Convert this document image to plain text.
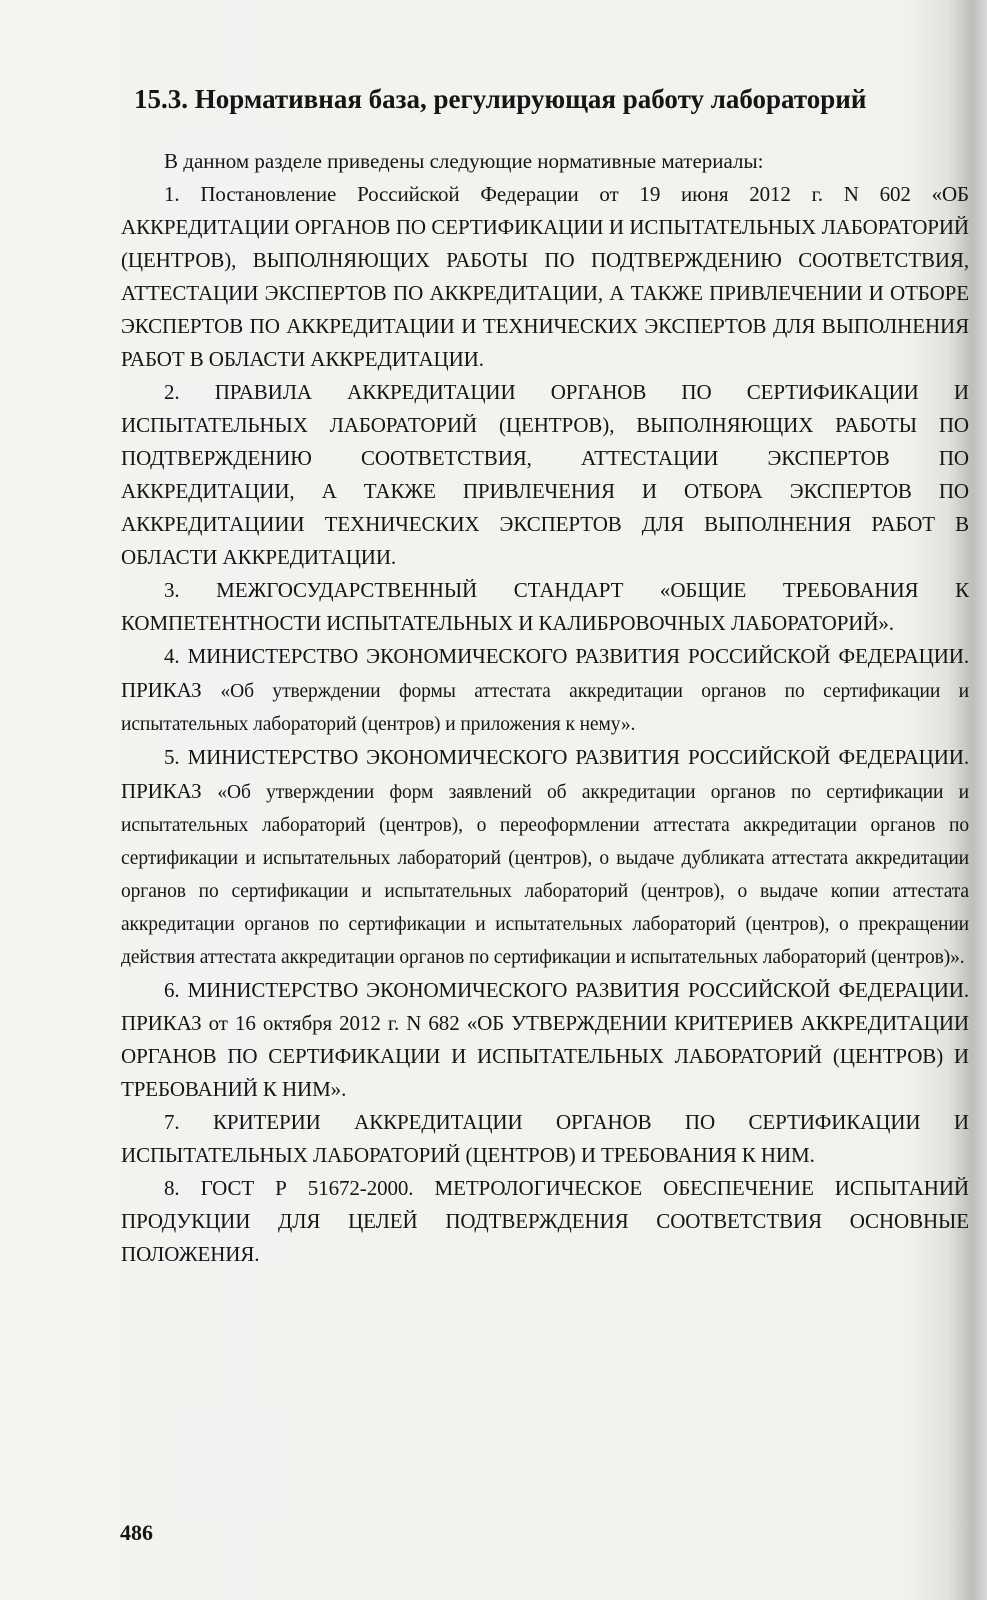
15.3. Нормативная база, регулирующая работу лабораторий

В данном разделе приведены следующие нормативные материалы:

1. Постановление Российской Федерации от 19 июня 2012 г. N 602 «ОБ АККРЕДИТАЦИИ ОРГАНОВ ПО СЕРТИФИКАЦИИ И ИСПЫТАТЕЛЬНЫХ ЛАБОРАТОРИЙ (ЦЕНТРОВ), ВЫПОЛНЯЮЩИХ РАБОТЫ ПО ПОДТВЕРЖДЕНИЮ СООТВЕТСТВИЯ, АТТЕСТАЦИИ ЭКСПЕРТОВ ПО АККРЕДИТАЦИИ, А ТАКЖЕ ПРИВЛЕЧЕНИИ И ОТБОРЕ ЭКСПЕРТОВ ПО АККРЕДИТАЦИИ И ТЕХНИЧЕСКИХ ЭКСПЕРТОВ ДЛЯ ВЫПОЛНЕНИЯ РАБОТ В ОБЛАСТИ АККРЕДИТАЦИИ.

2. ПРАВИЛА АККРЕДИТАЦИИ ОРГАНОВ ПО СЕРТИФИКАЦИИ И ИСПЫТАТЕЛЬНЫХ ЛАБОРАТОРИЙ (ЦЕНТРОВ), ВЫПОЛНЯЮЩИХ РАБОТЫ ПО ПОДТВЕРЖДЕНИЮ СООТВЕТСТВИЯ, АТТЕСТАЦИИ ЭКСПЕРТОВ ПО АККРЕДИТАЦИИ, А ТАКЖЕ ПРИВЛЕЧЕНИЯ И ОТБОРА ЭКСПЕРТОВ ПО АККРЕДИТАЦИИИ ТЕХНИЧЕСКИХ ЭКСПЕРТОВ ДЛЯ ВЫПОЛНЕНИЯ РАБОТ В ОБЛАСТИ АККРЕДИТАЦИИ.

3. МЕЖГОСУДАРСТВЕННЫЙ СТАНДАРТ «ОБЩИЕ ТРЕБОВАНИЯ К КОМПЕТЕНТНОСТИ ИСПЫТАТЕЛЬНЫХ И КАЛИБРОВОЧНЫХ ЛАБОРАТОРИЙ».

4. МИНИСТЕРСТВО ЭКОНОМИЧЕСКОГО РАЗВИТИЯ РОССИЙСКОЙ ФЕДЕРАЦИИ. ПРИКАЗ «Об утверждении формы аттестата аккредитации органов по сертификации и испытательных лабораторий (центров) и приложения к нему».

5. МИНИСТЕРСТВО ЭКОНОМИЧЕСКОГО РАЗВИТИЯ РОССИЙСКОЙ ФЕДЕРАЦИИ. ПРИКАЗ «Об утверждении форм заявлений об аккредитации органов по сертификации и испытательных лабораторий (центров), о переоформлении аттестата аккредитации органов по сертификации и испытательных лабораторий (центров), о выдаче дубликата аттестата аккредитации органов по сертификации и испытательных лабораторий (центров), о выдаче копии аттестата аккредитации органов по сертификации и испытательных лабораторий (центров), о прекращении действия аттестата аккредитации органов по сертификации и испытательных лабораторий (центров)».

6. МИНИСТЕРСТВО ЭКОНОМИЧЕСКОГО РАЗВИТИЯ РОССИЙСКОЙ ФЕДЕРАЦИИ. ПРИКАЗ от 16 октября 2012 г. N 682 «ОБ УТВЕРЖДЕНИИ КРИТЕРИЕВ АККРЕДИТАЦИИ ОРГАНОВ ПО СЕРТИФИКАЦИИ И ИСПЫТАТЕЛЬНЫХ ЛАБОРАТОРИЙ (ЦЕНТРОВ) И ТРЕБОВАНИЙ К НИМ».

7. КРИТЕРИИ АККРЕДИТАЦИИ ОРГАНОВ ПО СЕРТИФИКАЦИИ И ИСПЫТАТЕЛЬНЫХ ЛАБОРАТОРИЙ (ЦЕНТРОВ) И ТРЕБОВАНИЯ К НИМ.

8. ГОСТ Р 51672-2000. МЕТРОЛОГИЧЕСКОЕ ОБЕСПЕЧЕНИЕ ИСПЫТАНИЙ ПРОДУКЦИИ ДЛЯ ЦЕЛЕЙ ПОДТВЕРЖДЕНИЯ СООТВЕТСТВИЯ ОСНОВНЫЕ ПОЛОЖЕНИЯ.

486
